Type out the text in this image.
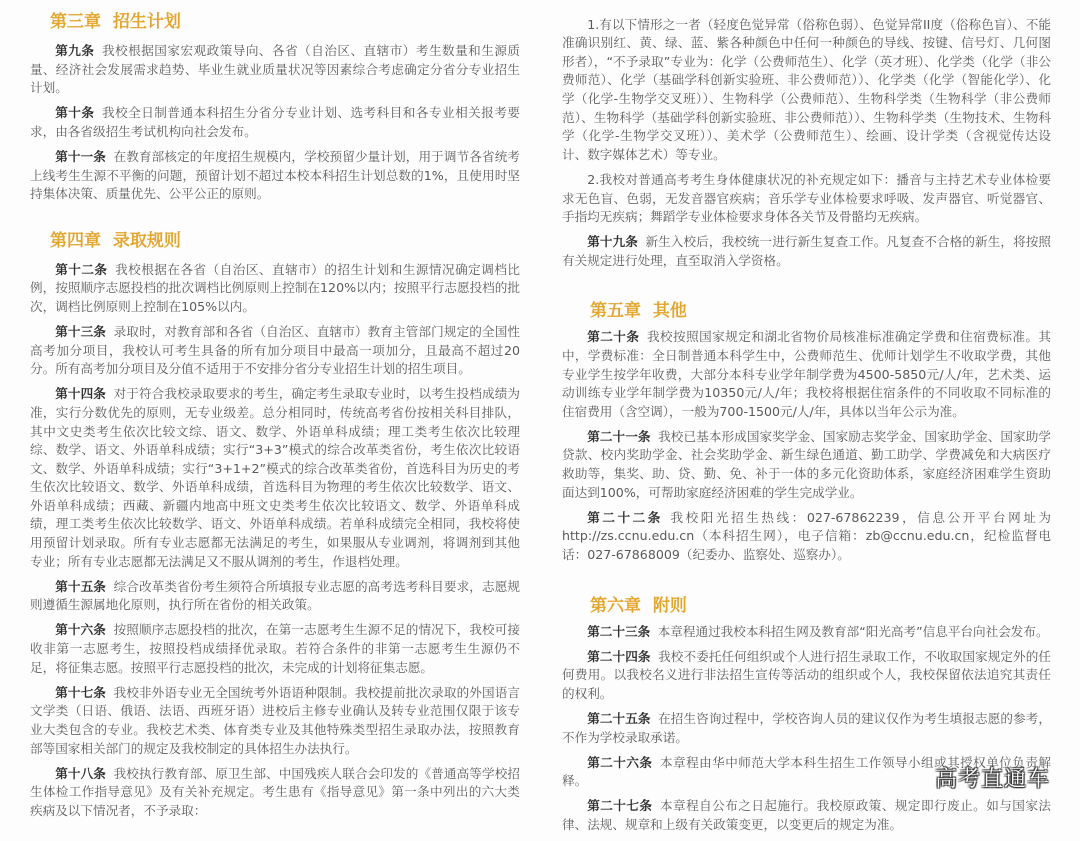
第三章  招生计划

第九条 我校根据国家宏观政策导向、各省（自治区、直辖市）考生数量和生源质量、经济社会发展需求趋势、毕业生就业质量状况等因素综合考虑确定分省分专业招生计划。

第十条 我校全日制普通本科招生分省分专业计划、选考科目和各专业相关报考要求，由各省级招生考试机构向社会发布。

第十一条 在教育部核定的年度招生规模内，学校预留少量计划，用于调节各省统考上线考生生源不平衡的问题，预留计划不超过本校本科招生计划总数的1%，且使用时坚持集体决策、质量优先、公平公正的原则。

第四章  录取规则

第十二条 我校根据在各省（自治区、直辖市）的招生计划和生源情况确定调档比例，按照顺序志愿投档的批次调档比例原则上控制在120%以内；按照平行志愿投档的批次，调档比例原则上控制在105%以内。

第十三条 录取时，对教育部和各省（自治区、直辖市）教育主管部门规定的全国性高考加分项目，我校认可考生具备的所有加分项目中最高一项加分，且最高不超过20分。所有高考加分项目及分值不适用于不安排分省分专业招生计划的招生项目。

第十四条 对于符合我校录取要求的考生，确定考生录取专业时，以考生投档成绩为准，实行分数优先的原则，无专业级差。总分相同时，传统高考省份按相关科目排队，其中文史类考生依次比较文综、语文、数学、外语单科成绩；理工类考生依次比较理综、数学、语文、外语单科成绩；实行“3+3”模式的综合改革类省份，考生依次比较语文、数学、外语单科成绩；实行“3+1+2”模式的综合改革类省份，首选科目为历史的考生依次比较语文、数学、外语单科成绩，首选科目为物理的考生依次比较数学、语文、外语单科成绩；西藏、新疆内地高中班文史类考生依次比较语文、数学、外语单科成绩，理工类考生依次比较数学、语文、外语单科成绩。若单科成绩完全相同，我校将使用预留计划录取。所有专业志愿都无法满足的考生，如果服从专业调剂，将调剂到其他专业；所有专业志愿都无法满足又不服从调剂的考生，作退档处理。

第十五条 综合改革类省份考生须符合所填报专业志愿的高考选考科目要求，志愿规则遵循生源属地化原则，执行所在省份的相关政策。

第十六条 按照顺序志愿投档的批次，在第一志愿考生生源不足的情况下，我校可接收非第一志愿考生，按照投档成绩择优录取。若符合条件的非第一志愿考生生源仍不足，将征集志愿。按照平行志愿投档的批次，未完成的计划将征集志愿。

第十七条 我校非外语专业无全国统考外语语种限制。我校提前批次录取的外国语言文学类（日语、俄语、法语、西班牙语）进校后主修专业确认及转专业范围仅限于该专业大类包含的专业。我校艺术类、体育类专业及其他特殊类型招生录取办法，按照教育部等国家相关部门的规定及我校制定的具体招生办法执行。

第十八条 我校执行教育部、原卫生部、中国残疾人联合会印发的《普通高等学校招生体检工作指导意见》及有关补充规定。考生患有《指导意见》第一条中列出的六大类疾病及以下情况者，不予录取：

1.有以下情形之一者（轻度色觉异常（俗称色弱）、色觉异常II度（俗称色盲）、不能准确识别红、黄、绿、蓝、紫各种颜色中任何一种颜色的导线、按键、信号灯、几何图形者），“不予录取”专业为：化学（公费师范生）、化学（英才班）、化学类（化学（非公费师范）、化学（基础学科创新实验班、非公费师范））、化学类（化学（智能化学）、化学（化学-生物学交叉班））、生物科学（公费师范）、生物科学类（生物科学（非公费师范）、生物科学（基础学科创新实验班、非公费师范））、生物科学类（生物技术、生物科学（化学-生物学交叉班））、美术学（公费师范生）、绘画、设计学类（含视觉传达设计、数字媒体艺术）等专业。

2.我校对普通高考考生身体健康状况的补充规定如下：播音与主持艺术专业体检要求无色盲、色弱，无发音器官疾病；音乐学专业体检要求呼吸、发声器官、听觉器官、手指均无疾病；舞蹈学专业体检要求身体各关节及骨骼均无疾病。

第十九条 新生入校后，我校统一进行新生复查工作。凡复查不合格的新生，将按照有关规定进行处理，直至取消入学资格。

第五章  其他

第二十条 我校按照国家规定和湖北省物价局核准标准确定学费和住宿费标准。其中，学费标准：全日制普通本科学生中，公费师范生、优师计划学生不收取学费，其他专业学生按学年收费，大部分本科专业学年制学费为4500-5850元/人/年，艺术类、运动训练专业学年制学费为10350元/人/年；我校将根据住宿条件的不同收取不同标准的住宿费用（含空调），一般为700-1500元/人/年，具体以当年公示为准。

第二十一条 我校已基本形成国家奖学金、国家励志奖学金、国家助学金、国家助学贷款、校内奖助学金、社会奖助学金、新生绿色通道、勤工助学、学费减免和大病医疗救助等，集奖、助、贷、勤、免、补于一体的多元化资助体系，家庭经济困难学生资助面达到100%，可帮助家庭经济困难的学生完成学业。

第二十二条 我校阳光招生热线：027-67862239，信息公开平台网址为http://zs.ccnu.edu.cn（本科招生网），电子信箱：zb@ccnu.edu.cn，纪检监督电话：027-67868009（纪委办、监察处、巡察办）。

第六章  附则

第二十三条 本章程通过我校本科招生网及教育部“阳光高考”信息平台向社会发布。

第二十四条 我校不委托任何组织或个人进行招生录取工作，不收取国家规定外的任何费用。以我校名义进行非法招生宣传等活动的组织或个人，我校保留依法追究其责任的权利。

第二十五条 在招生咨询过程中，学校咨询人员的建议仅作为考生填报志愿的参考，不作为学校录取承诺。

第二十六条 本章程由华中师范大学本科生招生工作领导小组或其授权单位负责解释。

第二十七条 本章程自公布之日起施行。我校原政策、规定即行废止。如与国家法律、法规、规章和上级有关政策变更，以变更后的规定为准。

高考直通车
